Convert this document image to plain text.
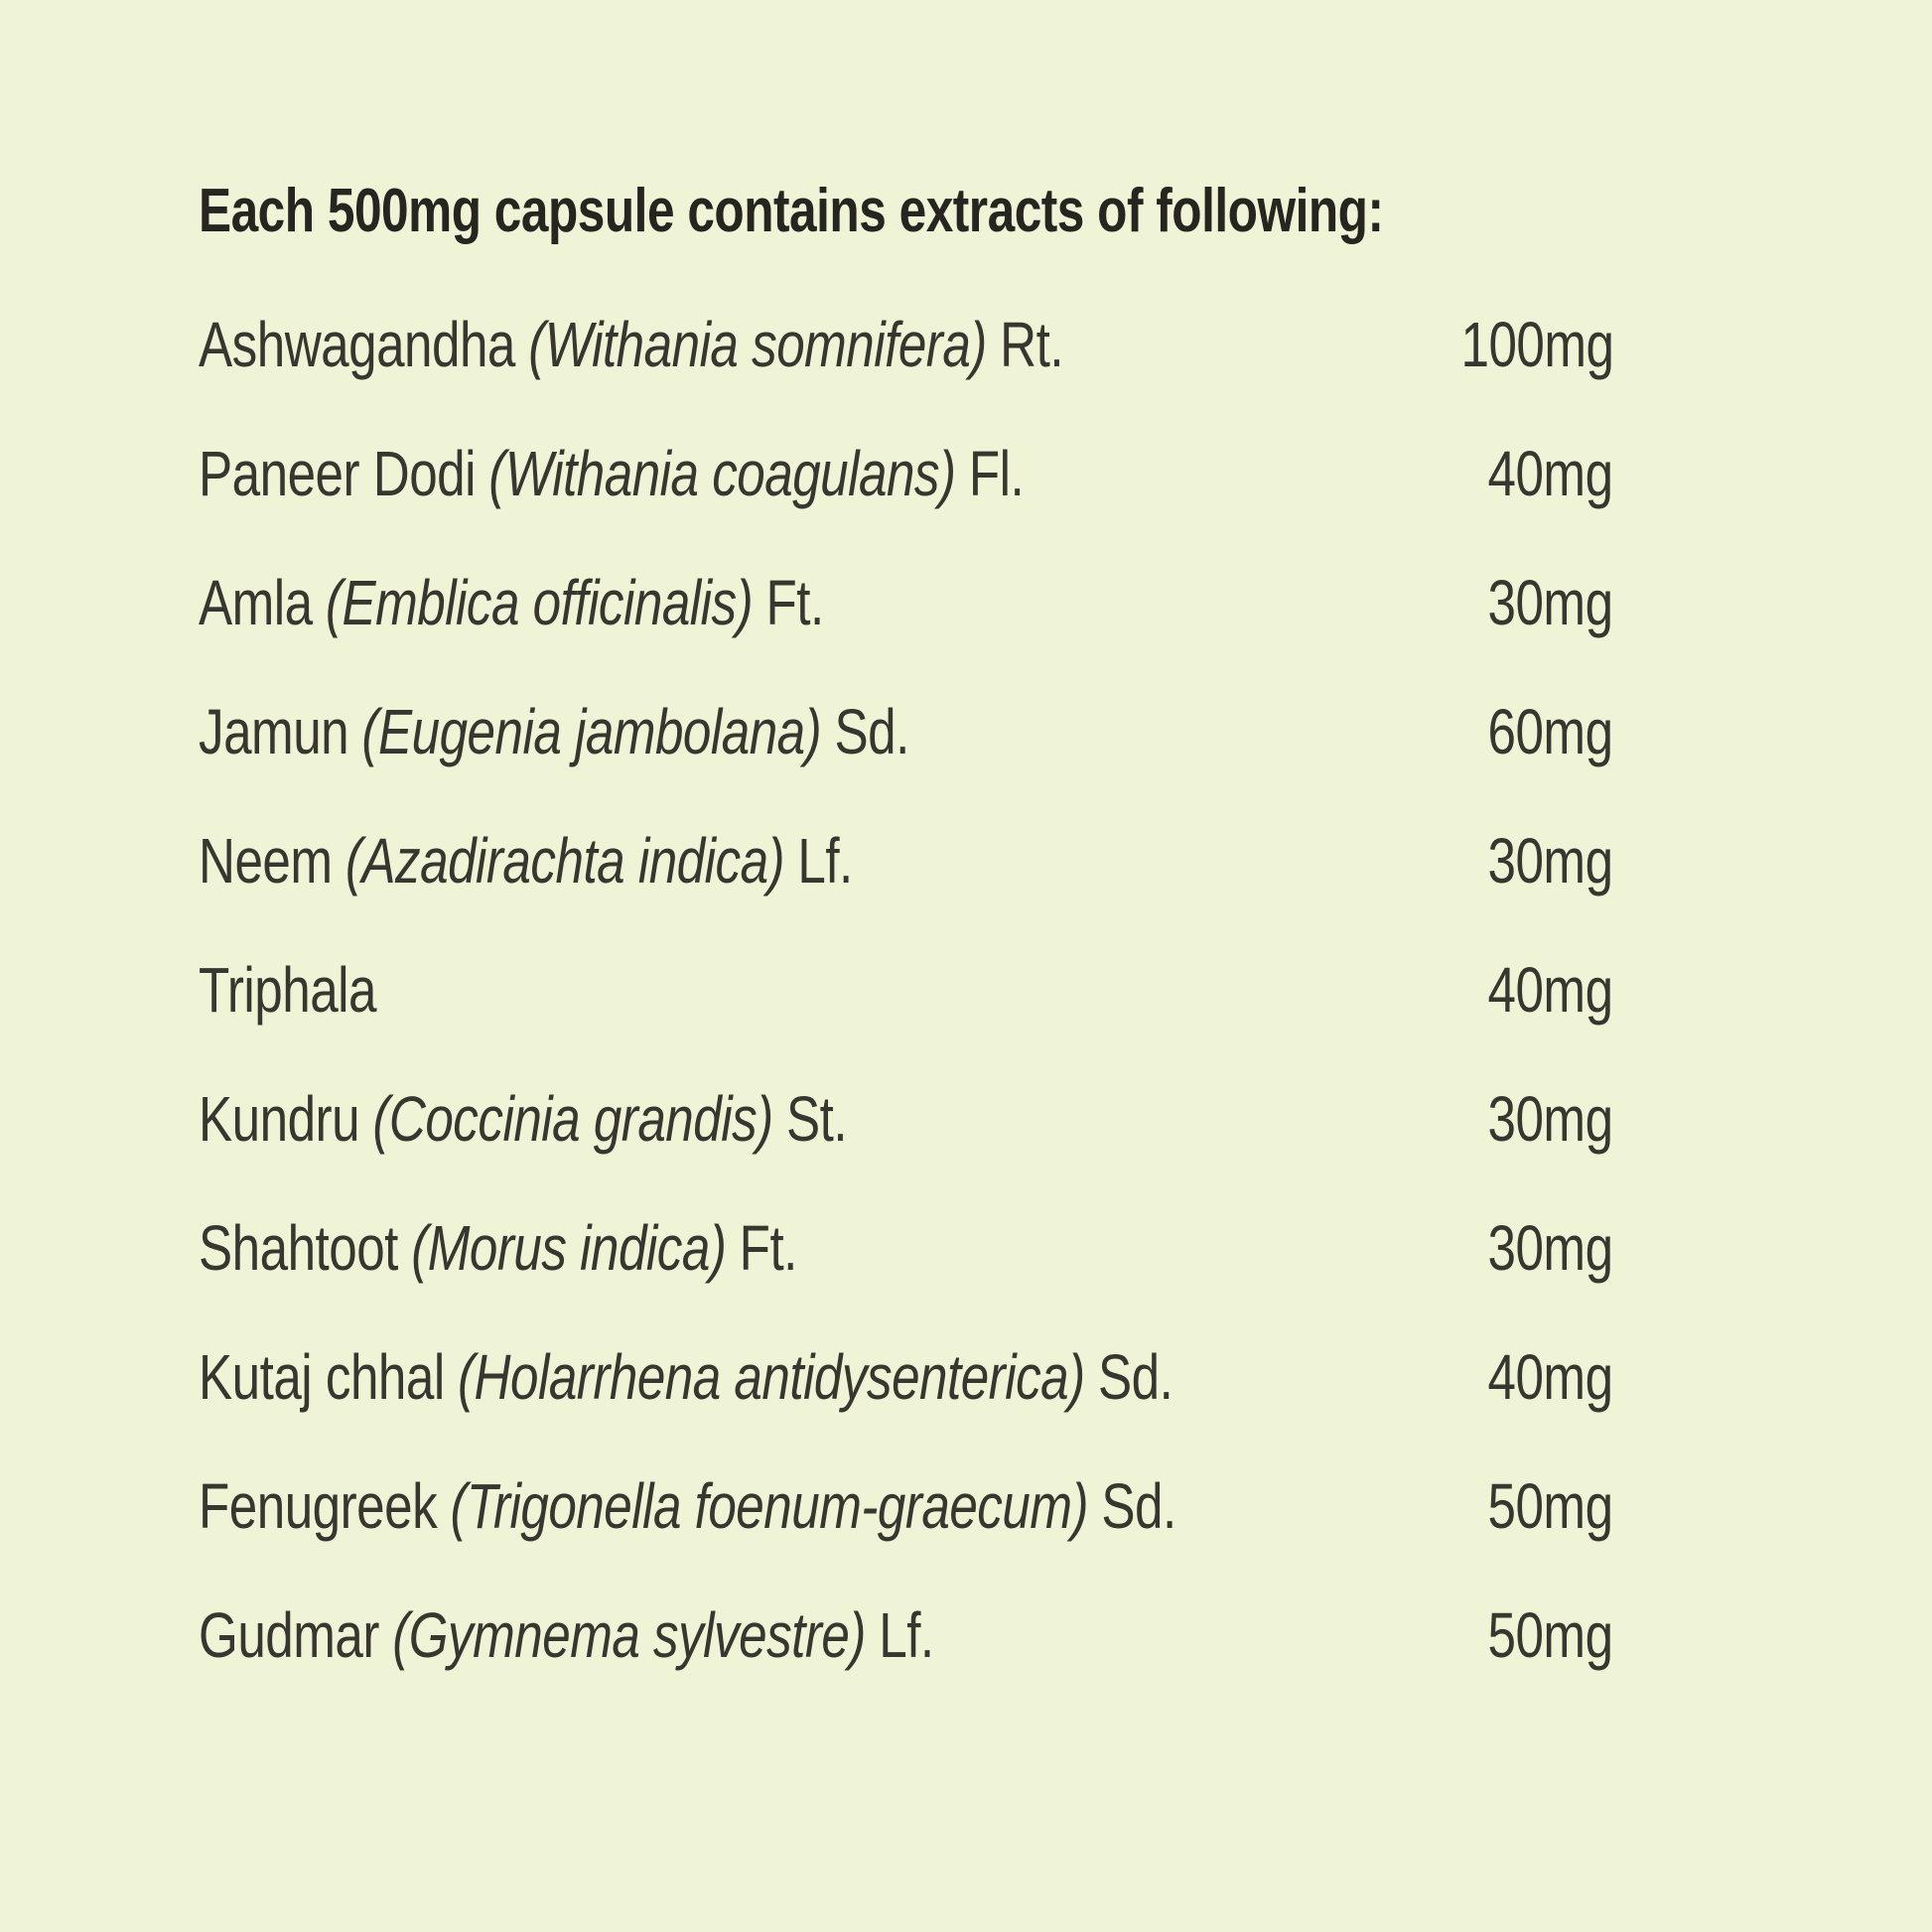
Each 500mg capsule contains extracts of following:
Ashwagandha (Withania somnifera) Rt.	100mg
Paneer Dodi (Withania coagulans) Fl.	40mg
Amla (Emblica officinalis) Ft.	30mg
Jamun (Eugenia jambolana) Sd.	60mg
Neem (Azadirachta indica) Lf.	30mg
Triphala	40mg
Kundru (Coccinia grandis) St.	30mg
Shahtoot (Morus indica) Ft.	30mg
Kutaj chhal (Holarrhena antidysenterica) Sd.	40mg
Fenugreek (Trigonella foenum-graecum) Sd.	50mg
Gudmar (Gymnema sylvestre) Lf.	50mg
